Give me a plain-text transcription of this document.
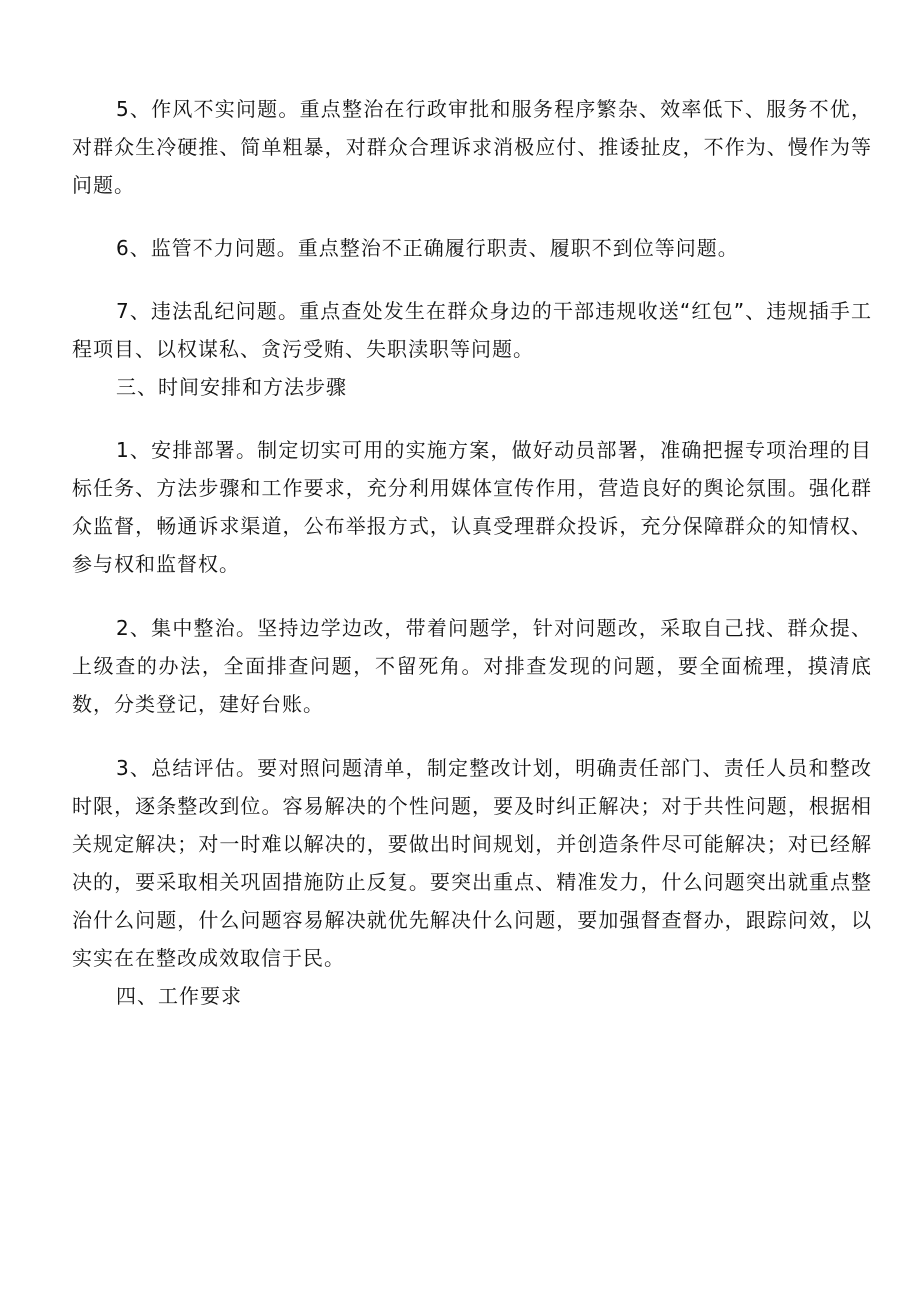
5、作风不实问题。重点整治在行政审批和服务程序繁杂、效率低下、服务不优，对群众生冷硬推、简单粗暴，对群众合理诉求消极应付、推诿扯皮，不作为、慢作为等问题。

6、监管不力问题。重点整治不正确履行职责、履职不到位等问题。

7、违法乱纪问题。重点查处发生在群众身边的干部违规收送“红包”、违规插手工程项目、以权谋私、贪污受贿、失职渎职等问题。

三、时间安排和方法步骤

1、安排部署。制定切实可用的实施方案，做好动员部署，准确把握专项治理的目标任务、方法步骤和工作要求，充分利用媒体宣传作用，营造良好的舆论氛围。强化群众监督，畅通诉求渠道，公布举报方式，认真受理群众投诉，充分保障群众的知情权、参与权和监督权。

2、集中整治。坚持边学边改，带着问题学，针对问题改，采取自己找、群众提、上级查的办法，全面排查问题，不留死角。对排查发现的问题，要全面梳理，摸清底数，分类登记，建好台账。

3、总结评估。要对照问题清单，制定整改计划，明确责任部门、责任人员和整改时限，逐条整改到位。容易解决的个性问题，要及时纠正解决；对于共性问题，根据相关规定解决；对一时难以解决的，要做出时间规划，并创造条件尽可能解决；对已经解决的，要采取相关巩固措施防止反复。要突出重点、精准发力，什么问题突出就重点整治什么问题，什么问题容易解决就优先解决什么问题，要加强督查督办，跟踪问效，以实实在在整改成效取信于民。

四、工作要求
